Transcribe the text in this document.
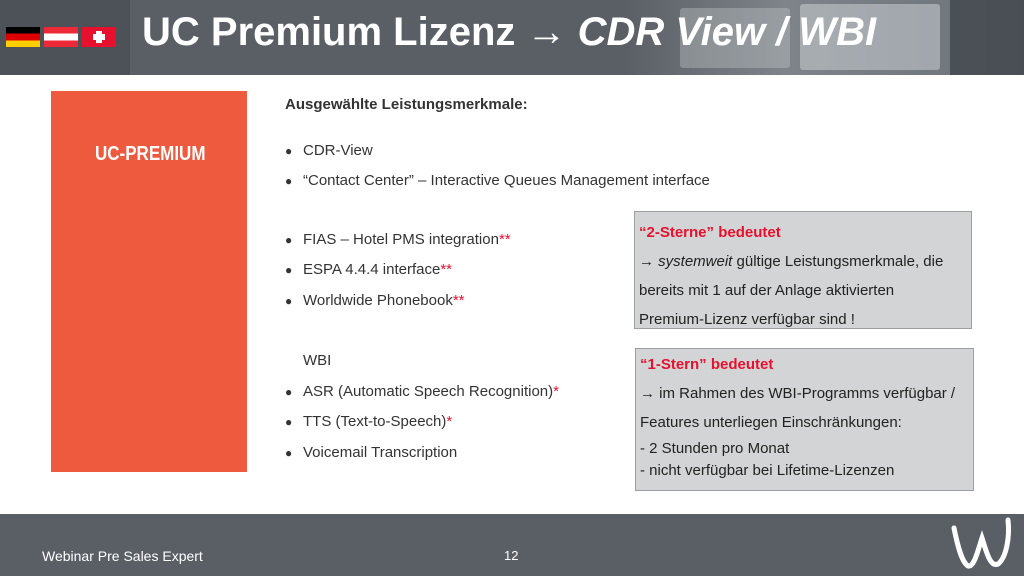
UC Premium Lizenz → CDR View / WBI
UC-PREMIUM
Ausgewählte Leistungsmerkmale:
● CDR-View
● “Contact Center” – Interactive Queues Management interface
● FIAS – Hotel PMS integration**
● ESPA 4.4.4 interface**
● Worldwide Phonebook**
WBI
● ASR (Automatic Speech Recognition)*
● TTS (Text-to-Speech)*
● Voicemail Transcription
“2-Sterne” bedeutet
→ systemweit gültige Leistungsmerkmale, die
bereits mit 1 auf der Anlage aktivierten
Premium-Lizenz verfügbar sind !
“1-Stern” bedeutet
→ im Rahmen des WBI-Programms verfügbar /
Features unterliegen Einschränkungen:
- 2 Stunden pro Monat
- nicht verfügbar bei Lifetime-Lizenzen
Webinar Pre Sales Expert	12
